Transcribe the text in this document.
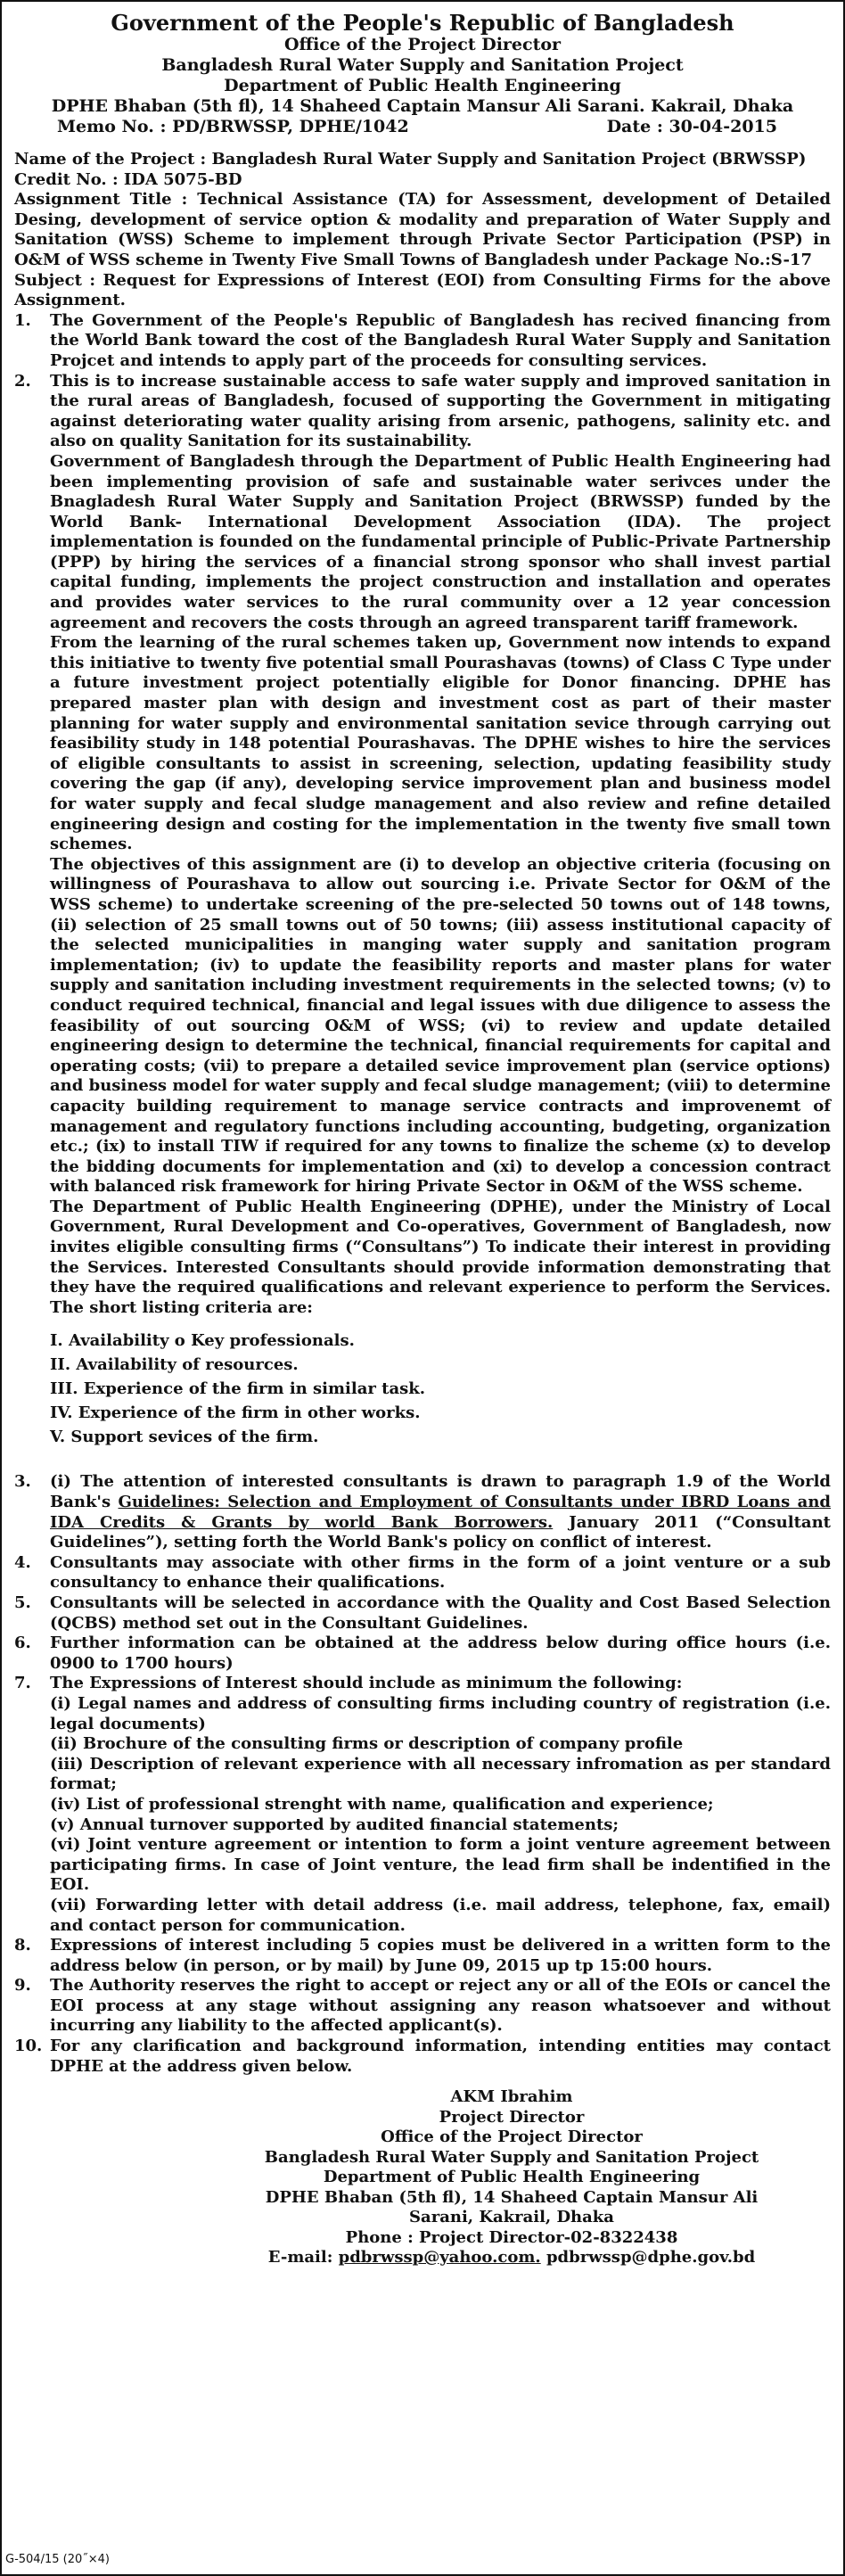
Government of the People's Republic of Bangladesh
Office of the Project Director
Bangladesh Rural Water Supply and Sanitation Project
Department of Public Health Engineering
DPHE Bhaban (5th fl), 14 Shaheed Captain Mansur Ali Sarani. Kakrail, Dhaka
Memo No. : PD/BRWSSP, DPHE/1042	Date : 30-04-2015

Name of the Project : Bangladesh Rural Water Supply and Sanitation Project (BRWSSP)

Credit No. : IDA 5075-BD

Assignment Title : Technical Assistance (TA) for Assessment, development of Detailed Desing, development of service option & modality and preparation of Water Supply and Sanitation (WSS) Scheme to implement through Private Sector Participation (PSP) in O&M of WSS scheme in Twenty Five Small Towns of Bangladesh under Package No.:S-17

Subject : Request for Expressions of Interest (EOI) from Consulting Firms for the above Assignment.

1.	The Government of the People's Republic of Bangladesh has recived financing from the World Bank toward the cost of the Bangladesh Rural Water Supply and Sanitation Projcet and intends to apply part of the proceeds for consulting services.

2.	This is to increase sustainable access to safe water supply and improved sanitation in the rural areas of Bangladesh, focused of supporting the Government in mitigating against deteriorating water quality arising from arsenic, pathogens, salinity etc. and also on quality Sanitation for its sustainability.

Government of Bangladesh through the Department of Public Health Engineering had been implementing provision of safe and sustainable water serivces under the Bnagladesh Rural Water Supply and Sanitation Project (BRWSSP) funded by the World Bank- International Development Association (IDA). The project implementation is founded on the fundamental principle of Public-Private Partnership (PPP) by hiring the services of a financial strong sponsor who shall invest partial capital funding, implements the project construction and installation and operates and provides water services to the rural community over a 12 year concession agreement and recovers the costs through an agreed transparent tariff framework.

From the learning of the rural schemes taken up, Government now intends to expand this initiative to twenty five potential small Pourashavas (towns) of Class C Type under a future investment project potentially eligible for Donor financing. DPHE has prepared master plan with design and investment cost as part of their master planning for water supply and environmental sanitation sevice through carrying out feasibility study in 148 potential Pourashavas. The DPHE wishes to hire the services of eligible consultants to assist in screening, selection, updating feasibility study covering the gap (if any), developing service improvement plan and business model for water supply and fecal sludge management and also review and refine detailed engineering design and costing for the implementation in the twenty five small town schemes.

The objectives of this assignment are (i) to develop an objective criteria (focusing on willingness of Pourashava to allow out sourcing i.e. Private Sector for O&M of the WSS scheme) to undertake screening of the pre-selected 50 towns out of 148 towns, (ii) selection of 25 small towns out of 50 towns; (iii) assess institutional capacity of the selected municipalities in manging water supply and sanitation program implementation; (iv) to update the feasibility reports and master plans for water supply and sanitation including investment requirements in the selected towns; (v) to conduct required technical, financial and legal issues with due diligence to assess the feasibility of out sourcing O&M of WSS; (vi) to review and update detailed engineering design to determine the technical, financial requirements for capital and operating costs; (vii) to prepare a detailed sevice improvement plan (service options) and business model for water supply and fecal sludge management; (viii) to determine capacity building requirement to manage service contracts and improvenemt of management and regulatory functions including accounting, budgeting, organization etc.; (ix) to install TIW if required for any towns to finalize the scheme (x) to develop the bidding documents for implementation and (xi) to develop a concession contract with balanced risk framework for hiring Private Sector in O&M of the WSS scheme.

The Department of Public Health Engineering (DPHE), under the Ministry of Local Government, Rural Development and Co-operatives, Government of Bangladesh, now invites eligible consulting firms (“Consultans”) To indicate their interest in providing the Services. Interested Consultants should provide information demonstrating that they have the required qualifications and relevant experience to perform the Services. The short listing criteria are:

I. Availability o Key professionals.
II. Availability of resources.
III. Experience of the firm in similar task.
IV. Experience of the firm in other works.
V. Support sevices of the firm.
3.	(i) The attention of interested consultants is drawn to paragraph 1.9 of the World Bank's Guidelines: Selection and Employment of Consultants under IBRD Loans and IDA Credits & Grants by world Bank Borrowers. January 2011 (“Consultant Guidelines”), setting forth the World Bank's policy on conflict of interest.

4.	Consultants may associate with other firms in the form of a joint venture or a sub consultancy to enhance their qualifications.

5.	Consultants will be selected in accordance with the Quality and Cost Based Selection (QCBS) method set out in the Consultant Guidelines.

6.	Further information can be obtained at the address below during office hours (i.e. 0900 to 1700 hours)

7.	The Expressions of Interest should include as minimum the following:

(i) Legal names and address of consulting firms including country of registration (i.e. legal documents)
(ii) Brochure of the consulting firms or description of company profile
(iii) Description of relevant experience with all necessary infromation as per standard format;
(iv) List of professional strenght with name, qualification and experience;
(v) Annual turnover supported by audited financial statements;
(vi) Joint venture agreement or intention to form a joint venture agreement between participating firms. In case of Joint venture, the lead firm shall be indentified in the EOI.
(vii) Forwarding letter with detail address (i.e. mail address, telephone, fax, email) and contact person for communication.
8.	Expressions of interest including 5 copies must be delivered in a written form to the address below (in person, or by mail) by June 09, 2015 up tp 15:00 hours.

9.	The Authority reserves the right to accept or reject any or all of the EOIs or cancel the EOI process at any stage without assigning any reason whatsoever and without incurring any liability to the affected applicant(s).

10. For any clarification and background information, intending entities may contact DPHE at the address given below.

AKM Ibrahim
Project Director
Office of the Project Director
Bangladesh Rural Water Supply and Sanitation Project
Department of Public Health Engineering
DPHE Bhaban (5th fl), 14 Shaheed Captain Mansur Ali
Sarani, Kakrail, Dhaka
Phone : Project Director-02-8322438
E-mail: pdbrwssp@yahoo.com. pdbrwssp@dphe.gov.bd
G-504/15 (20˝×4)
